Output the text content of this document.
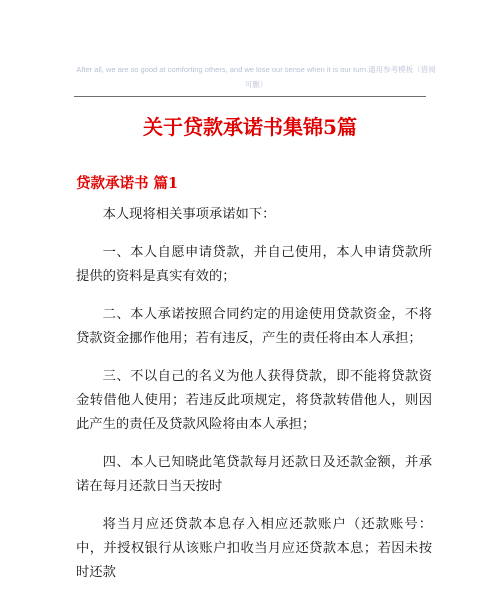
After all, we are so good at comforting others, and we lose our sense when it is our turn.通用参考模板（借阅可删）
关于贷款承诺书集锦5篇
贷款承诺书 篇1

本人现将相关事项承诺如下：

一、本人自愿申请贷款，并自己使用，本人申请贷款所提供的资料是真实有效的；

二、本人承诺按照合同约定的用途使用贷款资金，不将贷款资金挪作他用；若有违反，产生的责任将由本人承担；

三、不以自己的名义为他人获得贷款，即不能将贷款资金转借他人使用；若违反此项规定，将贷款转借他人，则因此产生的责任及贷款风险将由本人承担；

四、本人已知晓此笔贷款每月还款日及还款金额，并承诺在每月还款日当天按时

将当月应还贷款本息存入相应还款账户（还款账号： 中，并授权银行从该账户扣收当月应还贷款本息；若因未按时还款
